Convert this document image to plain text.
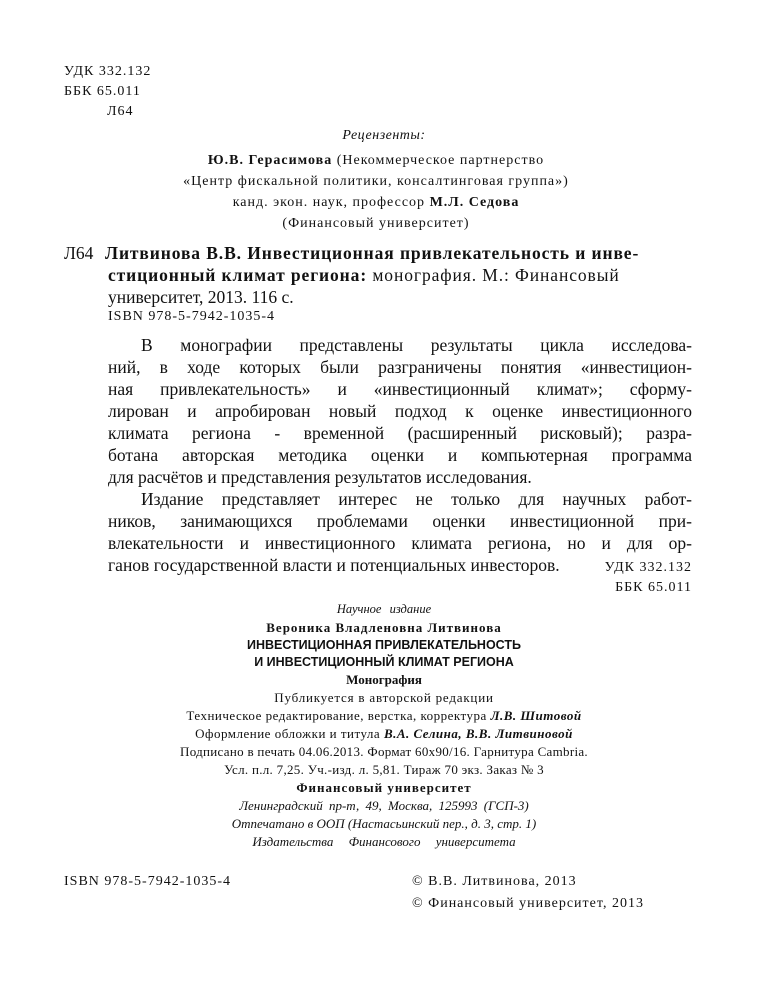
УДК 332.132
ББК 65.011
Л64
Рецензенты:
Ю.В. Герасимова (Некоммерческое партнерство
«Центр фискальной политики, консалтинговая группа»)
канд. экон. наук, профессор М.Л. Седова
(Финансовый университет)
Л64 Литвинова В.В. Инвестиционная привлекательность и инве-
стиционный климат региона: монография. М.: Финансовый
университет, 2013. 116 с.
ISBN 978-5-7942-1035-4
В монографии представлены результаты цикла исследова-
ний, в ходе которых были разграничены понятия «инвестицион-
ная привлекательность» и «инвестиционный климат»; сформу-
лирован и апробирован новый подход к оценке инвестиционного
климата региона - временной (расширенный рисковый); разра-
ботана авторская методика оценки и компьютерная программа
для расчётов и представления результатов исследования.
Издание представляет интерес не только для научных работ-
ников, занимающихся проблемами оценки инвестиционной при-
влекательности и инвестиционного климата региона, но и для ор-
ганов государственной власти и потенциальных инвесторов.	УДК 332.132
ББК 65.011
Научное издание
Вероника Владленовна Литвинова
ИНВЕСТИЦИОННАЯ ПРИВЛЕКАТЕЛЬНОСТЬ
И ИНВЕСТИЦИОННЫЙ КЛИМАТ РЕГИОНА
Монография
Публикуется в авторской редакции
Техническое редактирование, верстка, корректура Л.В. Шитовой
Оформление обложки и титула В.А. Селина, В.В. Литвиновой
Подписано в печать 04.06.2013. Формат 60x90/16. Гарнитура Cambria.
Усл. п.л. 7,25. Уч.-изд. л. 5,81. Тираж 70 экз. Заказ № 3
Финансовый университет
Ленинградский пр-т, 49, Москва, 125993 (ГСП-3)
Отпечатано в ООП (Настасьинский пер., д. 3, стр. 1)
Издательства Финансового университета
ISBN 978-5-7942-1035-4	© В.В. Литвинова, 2013
© Финансовый университет, 2013
